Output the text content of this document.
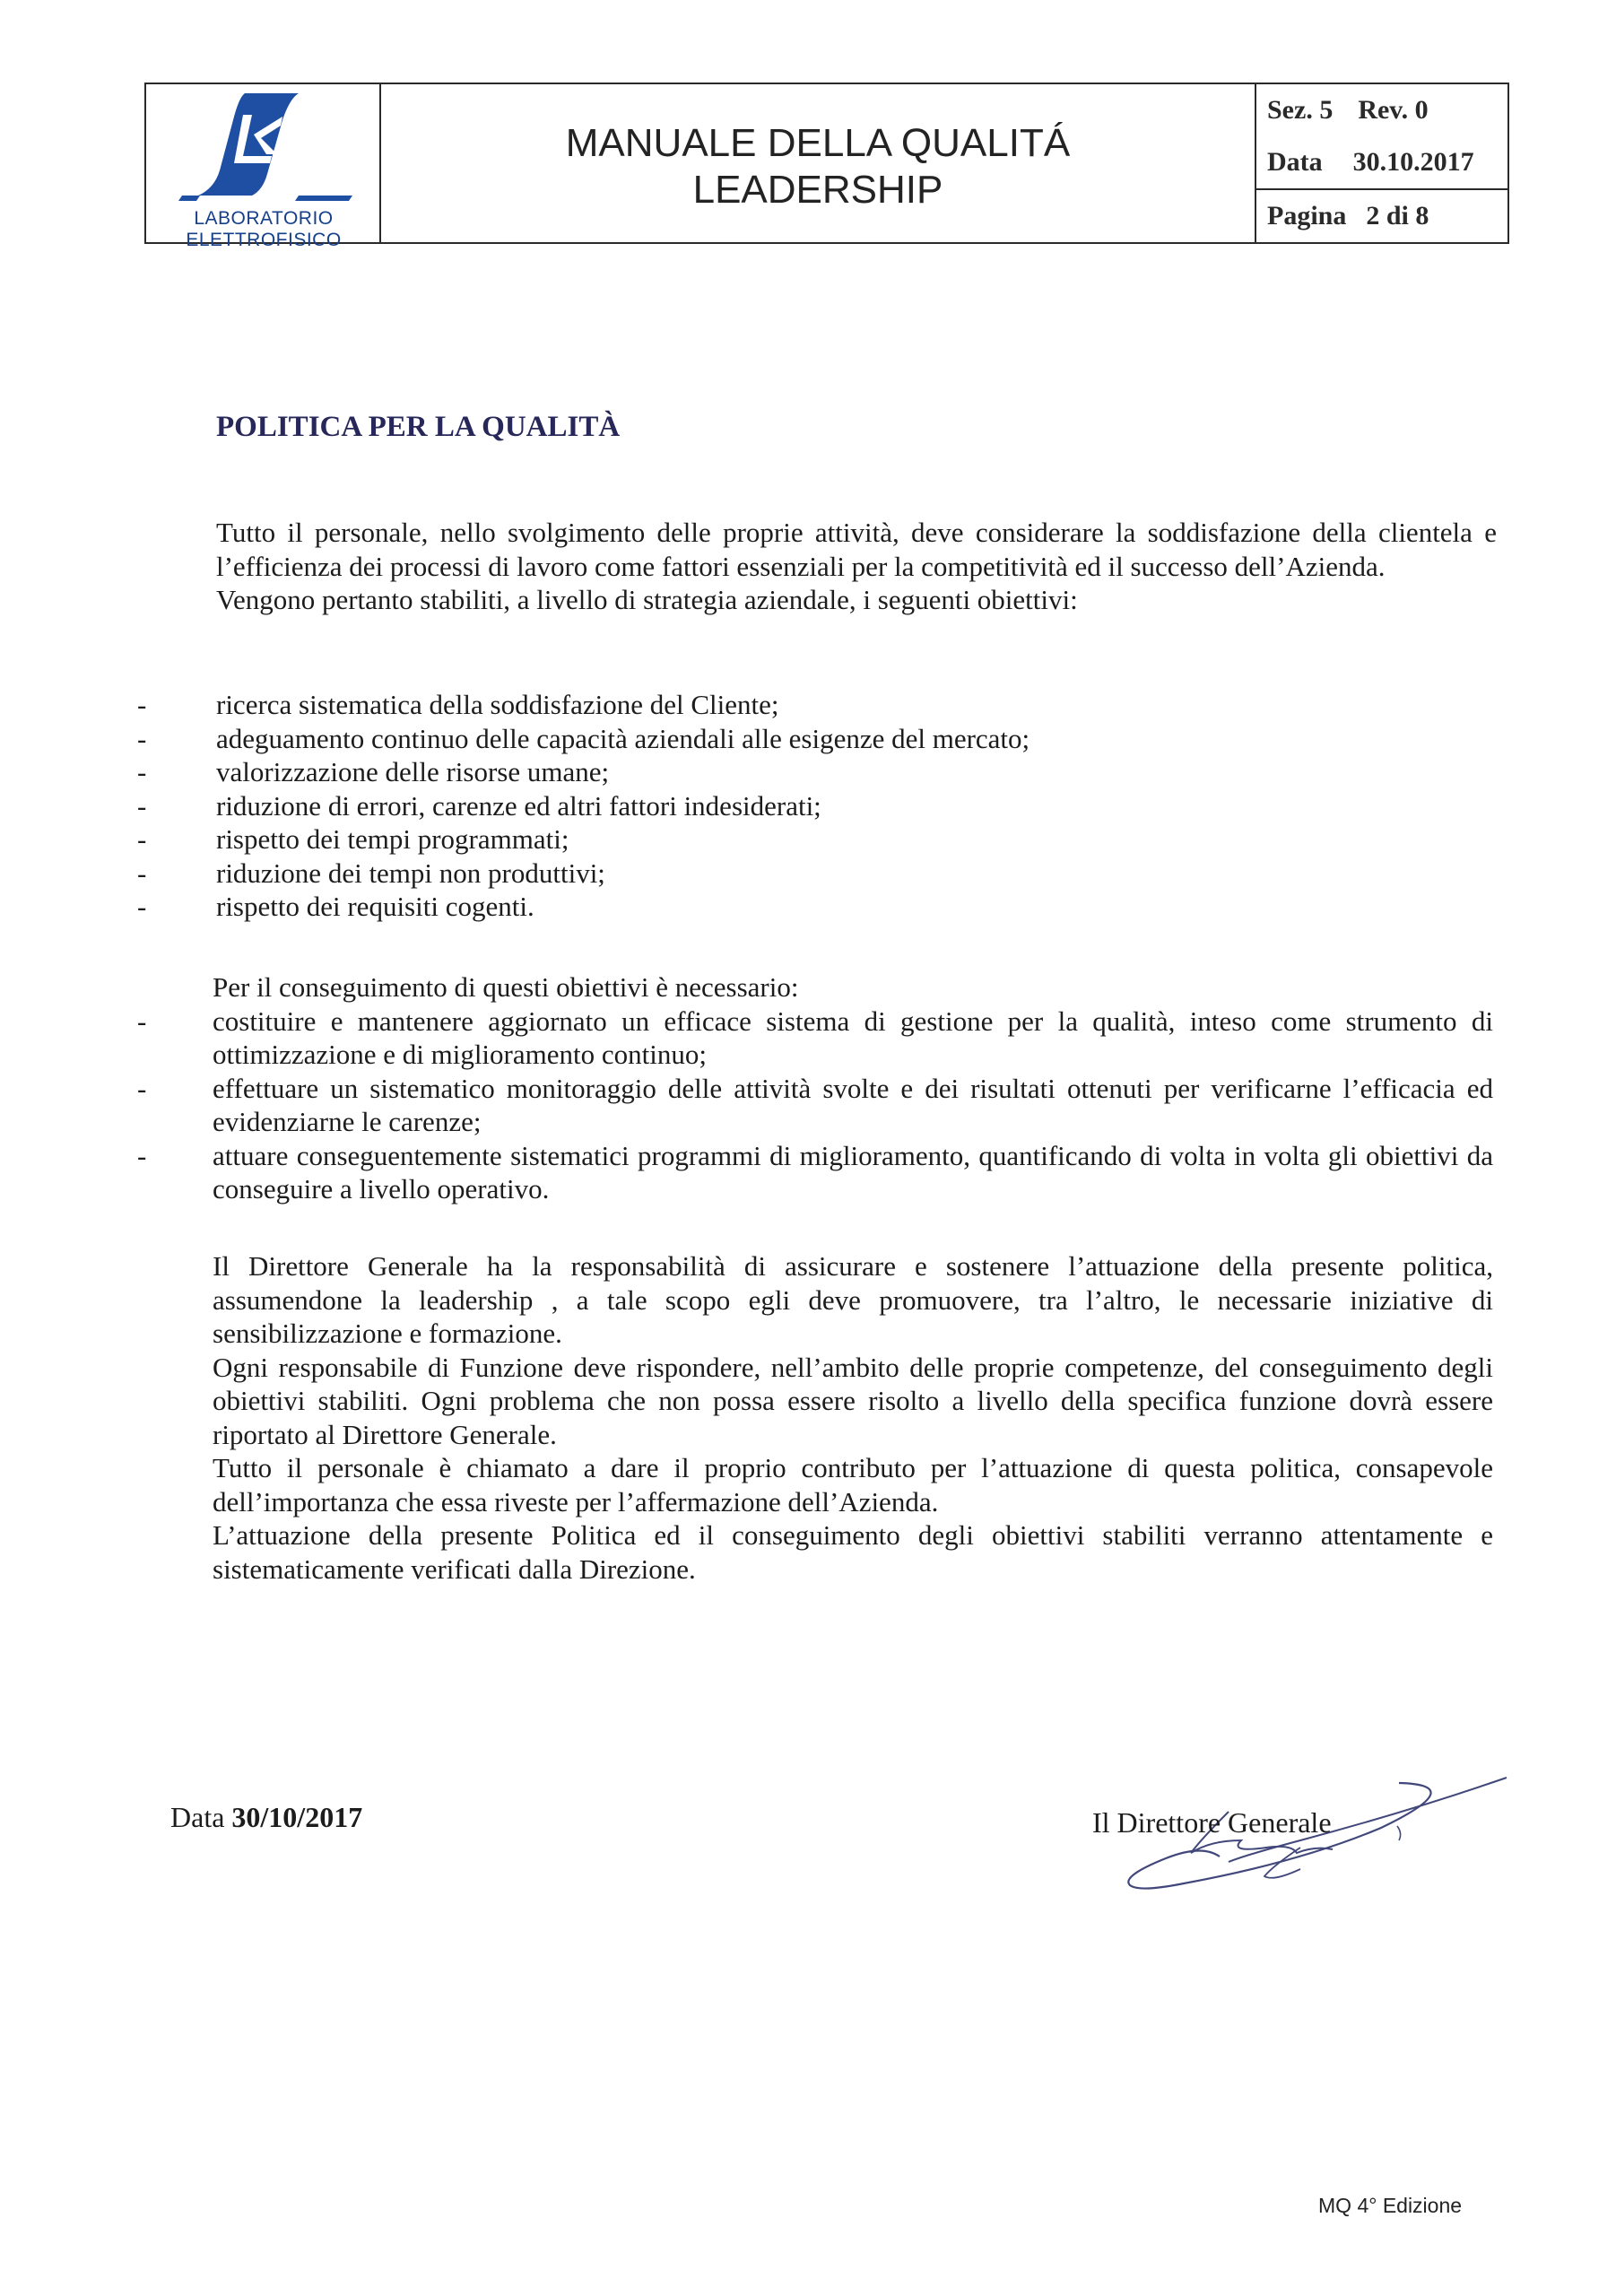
LABORATORIO ELETTROFISICO
MANUALE DELLA QUALITÁ
LEADERSHIP
Sez. 5 Rev. 0
Data 30.10.2017
Pagina 2 di 8
POLITICA PER LA QUALITÀ

Tutto il personale, nello svolgimento delle proprie attività, deve considerare la soddisfazione della clientela e l’efficienza dei processi di lavoro come fattori essenziali per la competitività ed il successo dell’Azienda.

Vengono pertanto stabiliti, a livello di strategia aziendale, i seguenti obiettivi:

-	ricerca sistematica della soddisfazione del Cliente;
-	adeguamento continuo delle capacità aziendali alle esigenze del mercato;
-	valorizzazione delle risorse umane;
-	riduzione di errori, carenze ed altri fattori indesiderati;
-	rispetto dei tempi programmati;
-	riduzione dei tempi non produttivi;
-	rispetto dei requisiti cogenti.

Per il conseguimento di questi obiettivi è necessario:

- costituire e mantenere aggiornato un efficace sistema di gestione per la qualità, inteso come strumento di ottimizzazione e di miglioramento continuo;
- effettuare un sistematico monitoraggio delle attività svolte e dei risultati ottenuti per verificarne l’efficacia ed evidenziarne le carenze;
- attuare conseguentemente sistematici programmi di miglioramento, quantificando di volta in volta gli obiettivi da conseguire a livello operativo.

Il Direttore Generale ha la responsabilità di assicurare e sostenere l’attuazione della presente politica, assumendone la leadership , a tale scopo egli deve promuovere, tra l’altro, le necessarie iniziative di sensibilizzazione e formazione.

Ogni responsabile di Funzione deve rispondere, nell’ambito delle proprie competenze, del conseguimento degli obiettivi stabiliti. Ogni problema che non possa essere risolto a livello della specifica funzione dovrà essere riportato al Direttore Generale.

Tutto il personale è chiamato a dare il proprio contributo per l’attuazione di questa politica, consapevole dell’importanza che essa riveste per l’affermazione dell’Azienda.

L’attuazione della presente Politica ed il conseguimento degli obiettivi stabiliti verranno attentamente e sistematicamente verificati dalla Direzione.

Data 30/10/2017	Il Direttore Generale
MQ 4° Edizione
